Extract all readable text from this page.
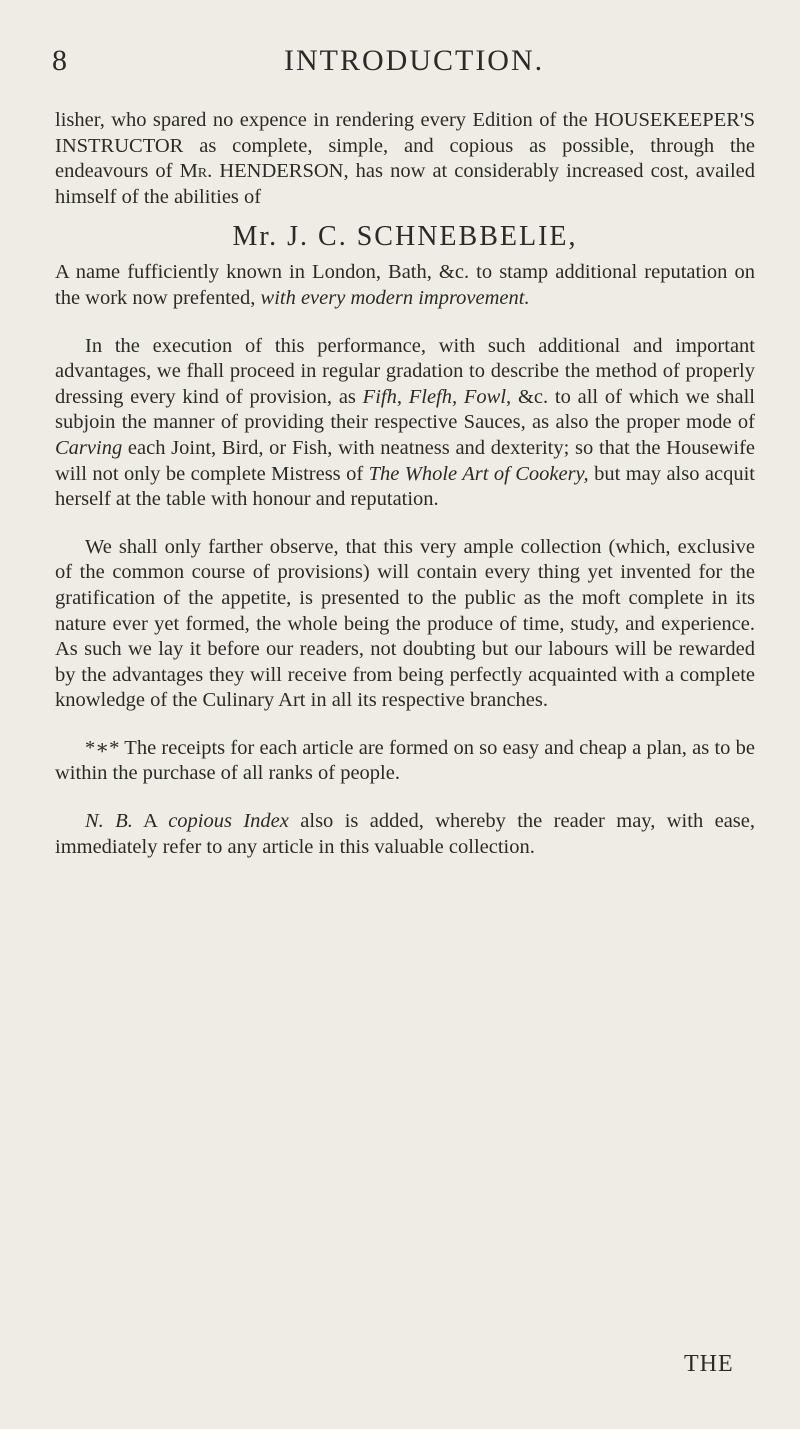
8	INTRODUCTION.

lisher, who spared no expence in rendering every Edition of the HOUSEKEEPER'S INSTRUCTOR as complete, simple, and copious as possible, through the endeavours of Mr. HENDERSON, has now at considerably increased cost, availed himself of the abilities of

Mr. J. C. SCHNEBBELIE,

A name fufficiently known in London, Bath, &c. to stamp additional reputation on the work now prefented, with every modern improvement.

In the execution of this performance, with such additional and important advantages, we fhall proceed in regular gradation to describe the method of properly dressing every kind of provision, as Fifh, Flefh, Fowl, &c. to all of which we shall subjoin the manner of providing their respective Sauces, as also the proper mode of Carving each Joint, Bird, or Fish, with neatness and dexterity; so that the Housewife will not only be complete Mistress of The Whole Art of Cookery, but may also acquit herself at the table with honour and reputation.

We shall only farther observe, that this very ample collection (which, exclusive of the common course of provisions) will contain every thing yet invented for the gratification of the appetite, is presented to the public as the moft complete in its nature ever yet formed, the whole being the produce of time, study, and experience. As such we lay it before our readers, not doubting but our labours will be rewarded by the advantages they will receive from being perfectly acquainted with a complete knowledge of the Culinary Art in all its respective branches.

*∗* The receipts for each article are formed on so easy and cheap a plan, as to be within the purchase of all ranks of people.

N. B. A copious Index also is added, whereby the reader may, with ease, immediately refer to any article in this valuable collection.

THE
